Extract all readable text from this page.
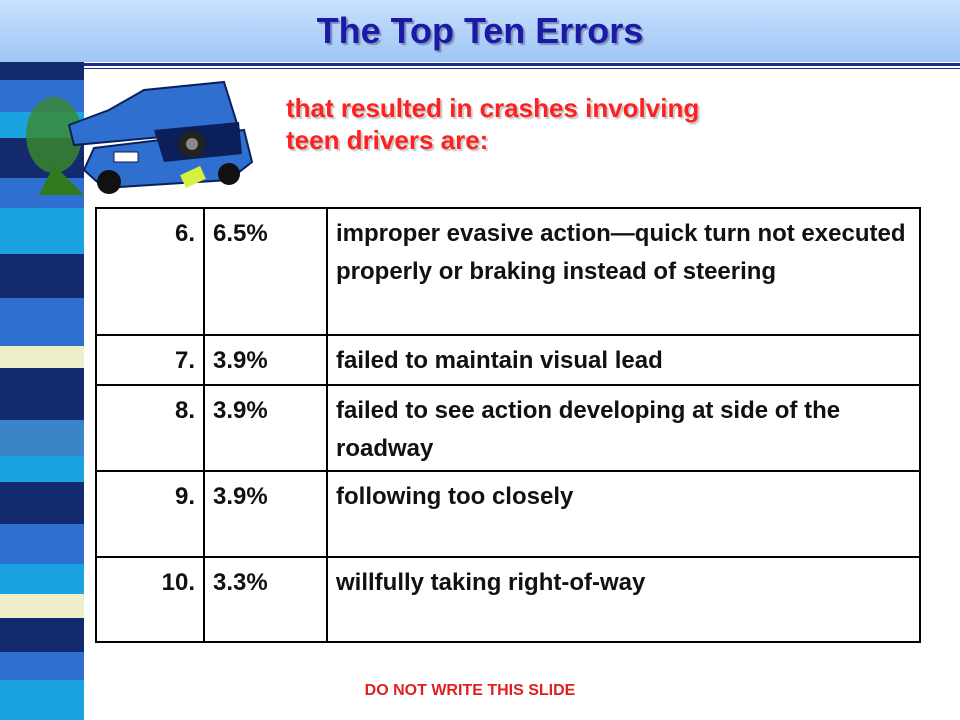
The Top Ten Errors
that resulted in crashes involving
teen drivers are:
6.	6.5%	improper evasive action—quick turn not executed properly or braking instead of steering
7.	3.9%	failed to maintain visual lead
8.	3.9%	failed to see action developing at side of the roadway
9.	3.9%	following too closely
10.	3.3%	willfully taking right-of-way
DO NOT WRITE THIS SLIDE
